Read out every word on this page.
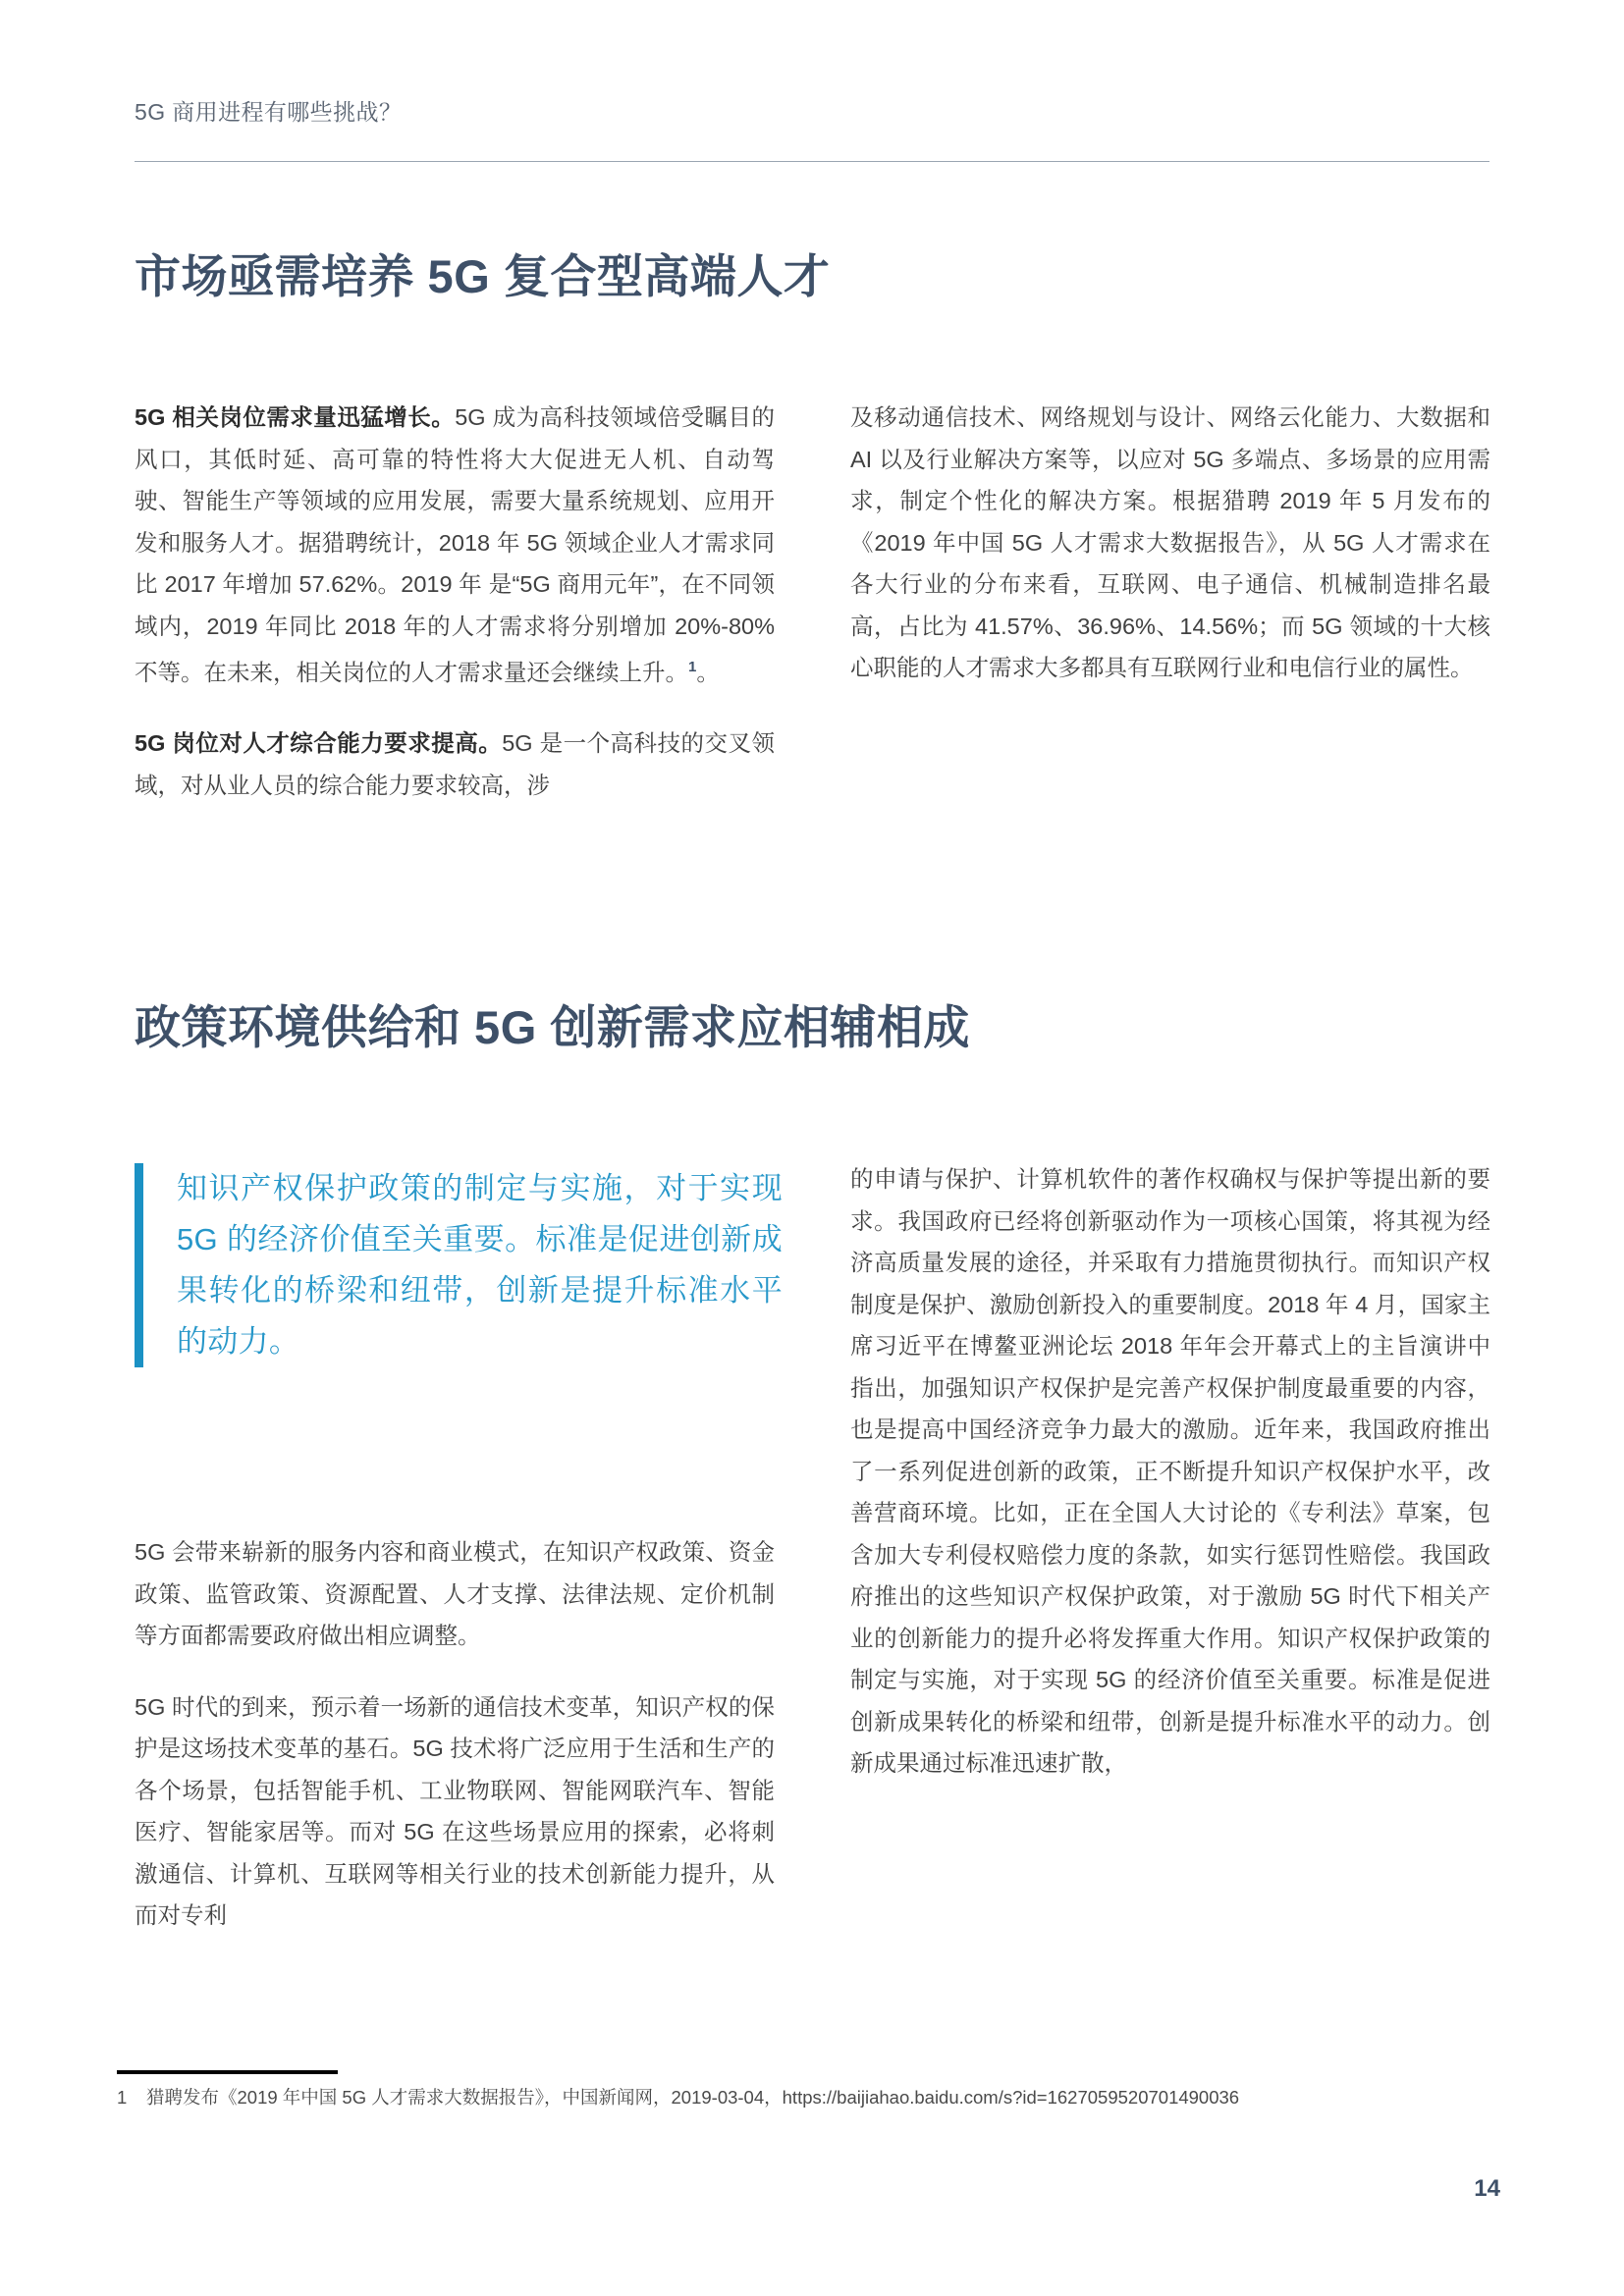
5G 商用进程有哪些挑战？
市场亟需培养 5G 复合型高端人才

5G 相关岗位需求量迅猛增长。5G 成为高科技领域倍受瞩目的风口，其低时延、高可靠的特性将大大促进无人机、自动驾驶、智能生产等领域的应用发展，需要大量系统规划、应用开发和服务人才。据猎聘统计，2018 年 5G 领域企业人才需求同比 2017 年增加 57.62%。2019 年 是“5G 商用元年”，在不同领域内，2019 年同比 2018 年的人才需求将分别增加 20%-80% 不等。在未来，相关岗位的人才需求量还会继续上升。$^1$。

5G 岗位对人才综合能力要求提高。5G 是一个高科技的交叉领域，对从业人员的综合能力要求较高，涉

及移动通信技术、网络规划与设计、网络云化能力、大数据和 AI 以及行业解决方案等，以应对 5G 多端点、多场景的应用需求，制定个性化的解决方案。根据猎聘 2019 年 5 月发布的《2019 年中国 5G 人才需求大数据报告》，从 5G 人才需求在各大行业的分布来看，互联网、电子通信、机械制造排名最高，占比为 41.57%、36.96%、14.56%；而 5G 领域的十大核心职能的人才需求大多都具有互联网行业和电信行业的属性。

政策环境供给和 5G 创新需求应相辅相成

知识产权保护政策的制定与实施，对于实现 5G 的经济价值至关重要。标准是促进创新成果转化的桥梁和纽带，创新是提升标准水平的动力。

5G 会带来崭新的服务内容和商业模式，在知识产权政策、资金政策、监管政策、资源配置、人才支撑、法律法规、定价机制等方面都需要政府做出相应调整。

5G 时代的到来，预示着一场新的通信技术变革，知识产权的保护是这场技术变革的基石。5G 技术将广泛应用于生活和生产的各个场景，包括智能手机、工业物联网、智能网联汽车、智能医疗、智能家居等。而对 5G 在这些场景应用的探索，必将刺激通信、计算机、互联网等相关行业的技术创新能力提升，从而对专利

的申请与保护、计算机软件的著作权确权与保护等提出新的要求。我国政府已经将创新驱动作为一项核心国策，将其视为经济高质量发展的途径，并采取有力措施贯彻执行。而知识产权制度是保护、激励创新投入的重要制度。2018 年 4 月，国家主席习近平在博鳌亚洲论坛 2018 年年会开幕式上的主旨演讲中指出，加强知识产权保护是完善产权保护制度最重要的内容，也是提高中国经济竞争力最大的激励。近年来，我国政府推出了一系列促进创新的政策，正不断提升知识产权保护水平，改善营商环境。比如，正在全国人大讨论的《专利法》草案，包含加大专利侵权赔偿力度的条款，如实行惩罚性赔偿。我国政府推出的这些知识产权保护政策，对于激励 5G 时代下相关产业的创新能力的提升必将发挥重大作用。知识产权保护政策的制定与实施，对于实现 5G 的经济价值至关重要。标准是促进创新成果转化的桥梁和纽带，创新是提升标准水平的动力。创新成果通过标准迅速扩散，

1 猎聘发布《2019 年中国 5G 人才需求大数据报告》，中国新闻网，2019-03-04，https://baijiahao.baidu.com/s?id=1627059520701490036
14
